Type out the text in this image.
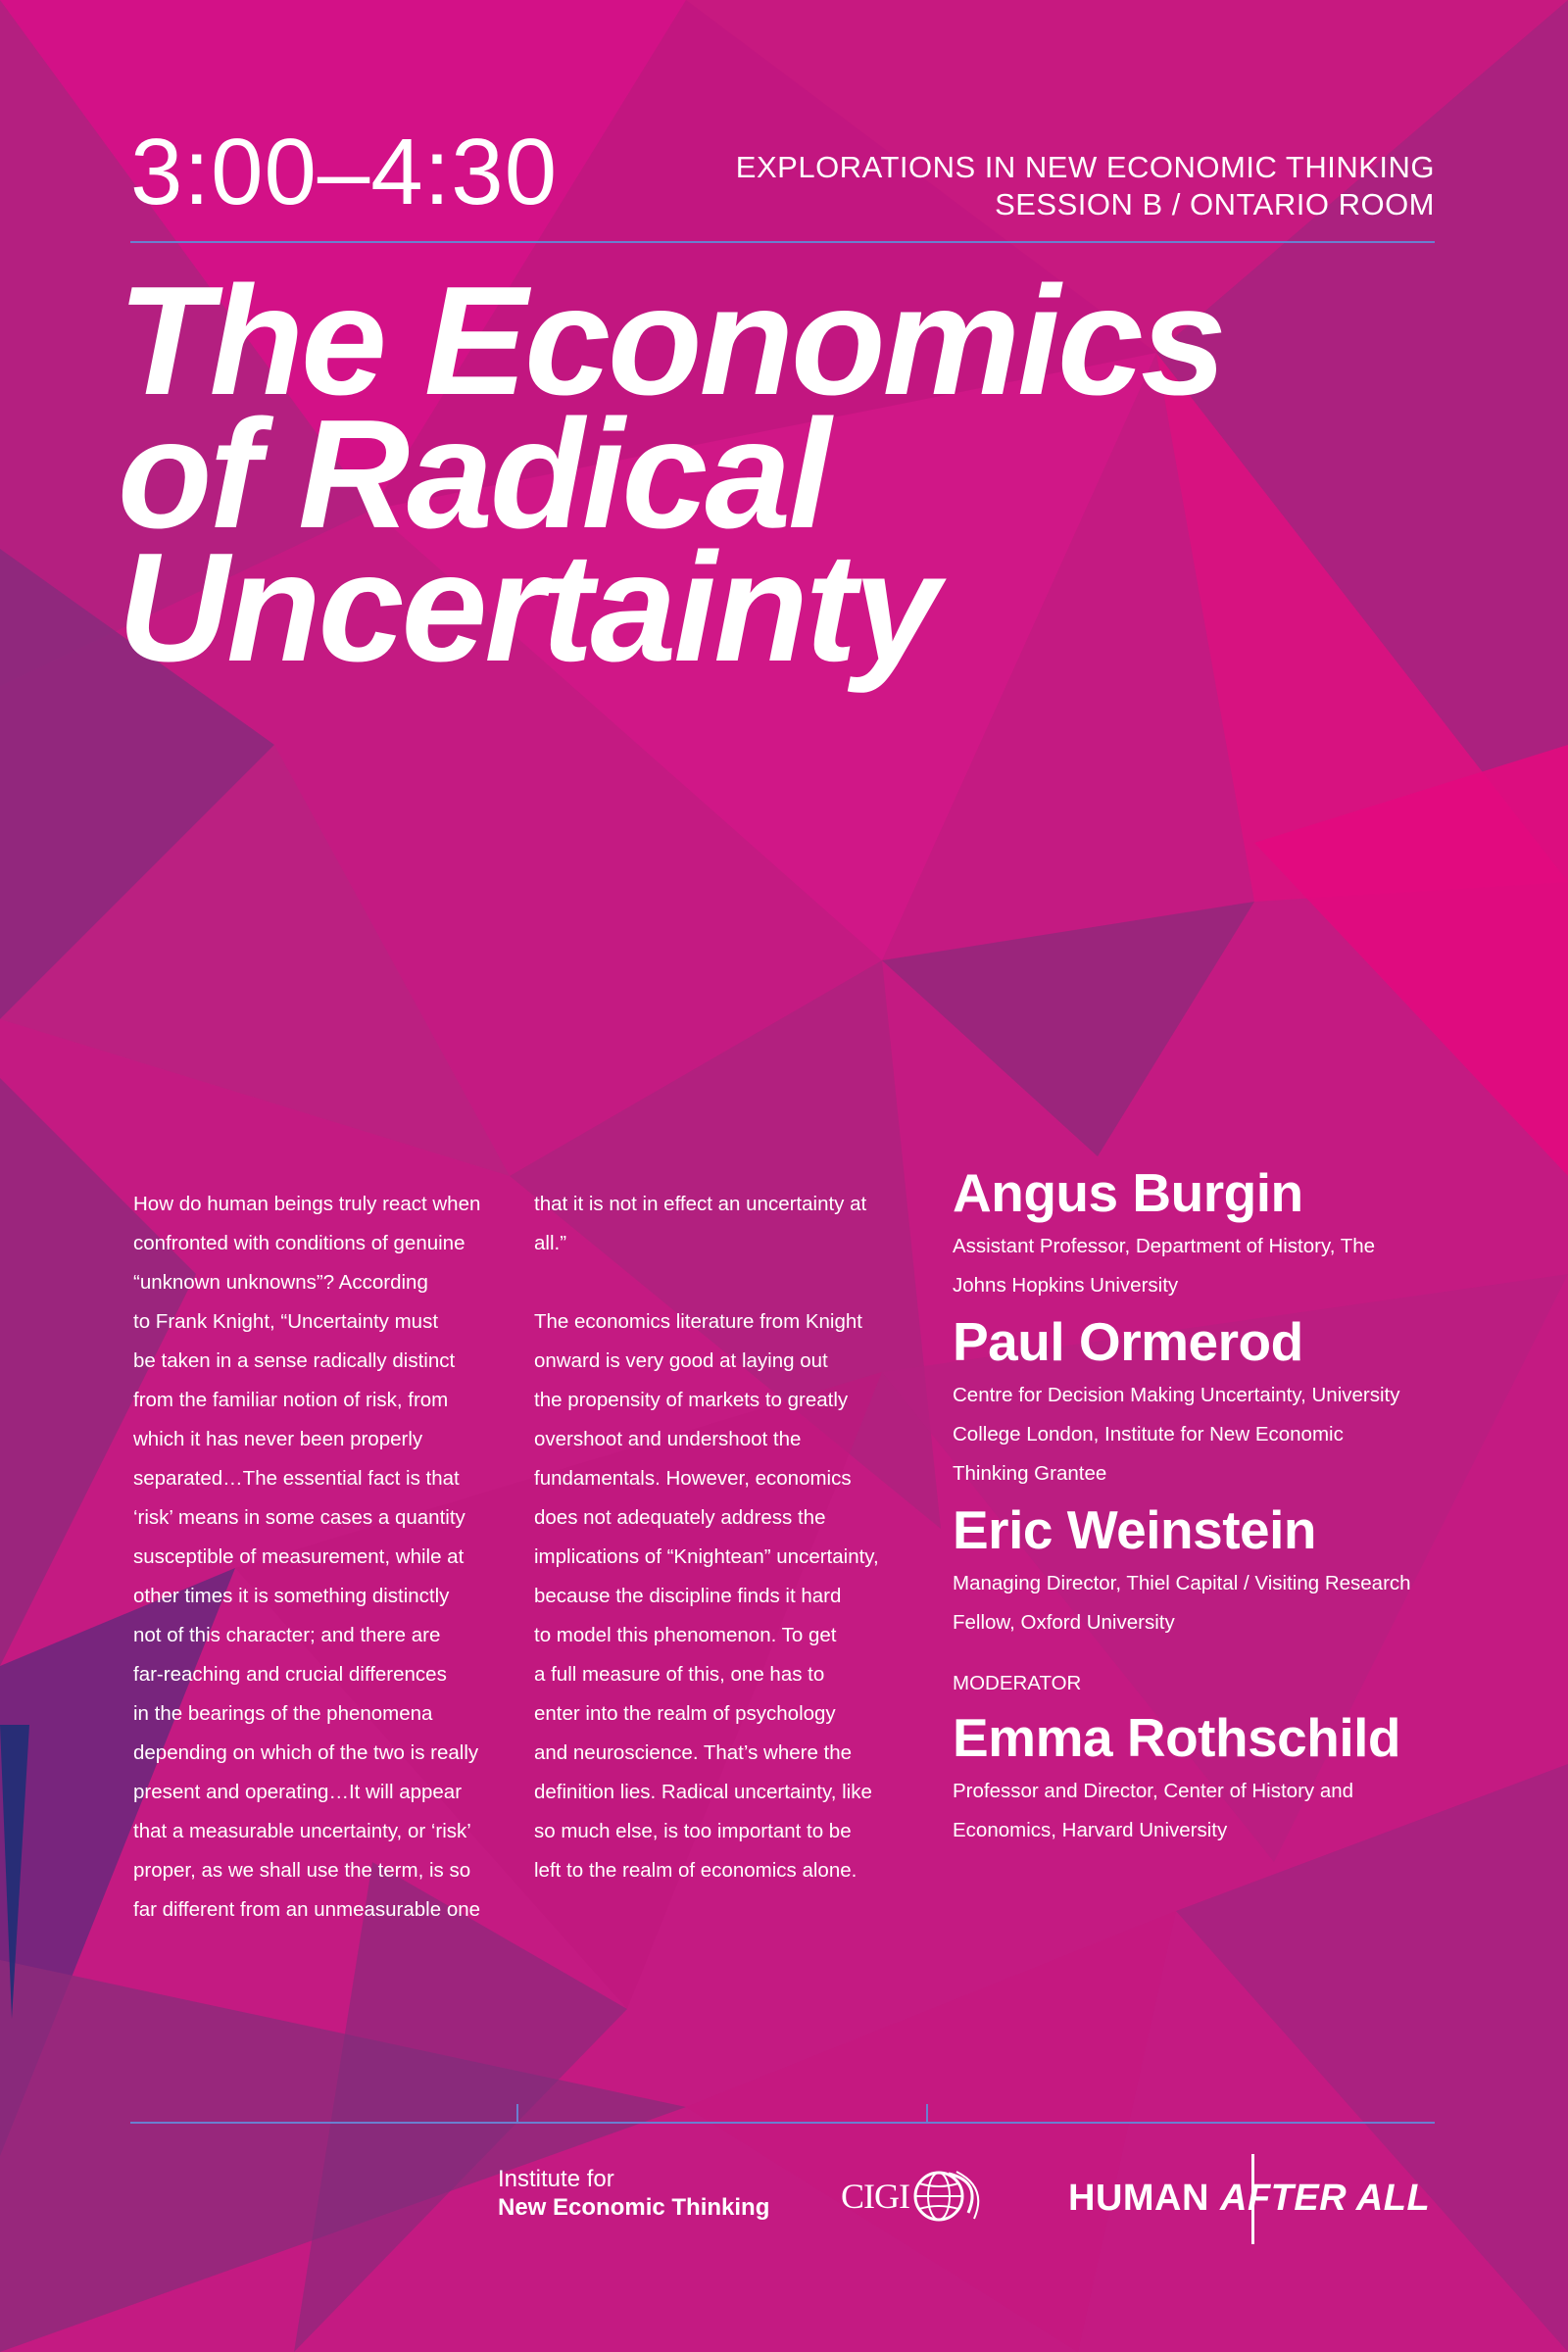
3:00–4:30	EXPLORATIONS IN NEW ECONOMIC THINKING
SESSION B / ONTARIO ROOM
The Economics
of Radical
Uncertainty
How do human beings truly react when
confronted with conditions of genuine
“unknown unknowns”? According
to Frank Knight, “Uncertainty must
be taken in a sense radically distinct
from the familiar notion of risk, from
which it has never been properly
separated…The essential fact is that
‘risk’ means in some cases a quantity
susceptible of measurement, while at
other times it is something distinctly
not of this character; and there are
far-reaching and crucial differences
in the bearings of the phenomena
depending on which of the two is really
present and operating…It will appear
that a measurable uncertainty, or ‘risk’
proper, as we shall use the term, is so
far different from an unmeasurable one

that it is not in effect an uncertainty at
all.”

The economics literature from Knight
onward is very good at laying out
the propensity of markets to greatly
overshoot and undershoot the
fundamentals. However, economics
does not adequately address the
implications of “Knightean” uncertainty,
because the discipline finds it hard
to model this phenomenon. To get
a full measure of this, one has to
enter into the realm of psychology
and neuroscience. That’s where the
definition lies. Radical uncertainty, like
so much else, is too important to be
left to the realm of economics alone.

Angus Burgin
Assistant Professor, Department of History, The
Johns Hopkins University
Paul Ormerod
Centre for Decision Making Uncertainty, University
College London, Institute for New Economic
Thinking Grantee
Eric Weinstein
Managing Director, Thiel Capital / Visiting Research
Fellow, Oxford University
MODERATOR
Emma Rothschild
Professor and Director, Center of History and
Economics, Harvard University
Institute for
New Economic Thinking CIGI	HUMAN AFTER ALL
